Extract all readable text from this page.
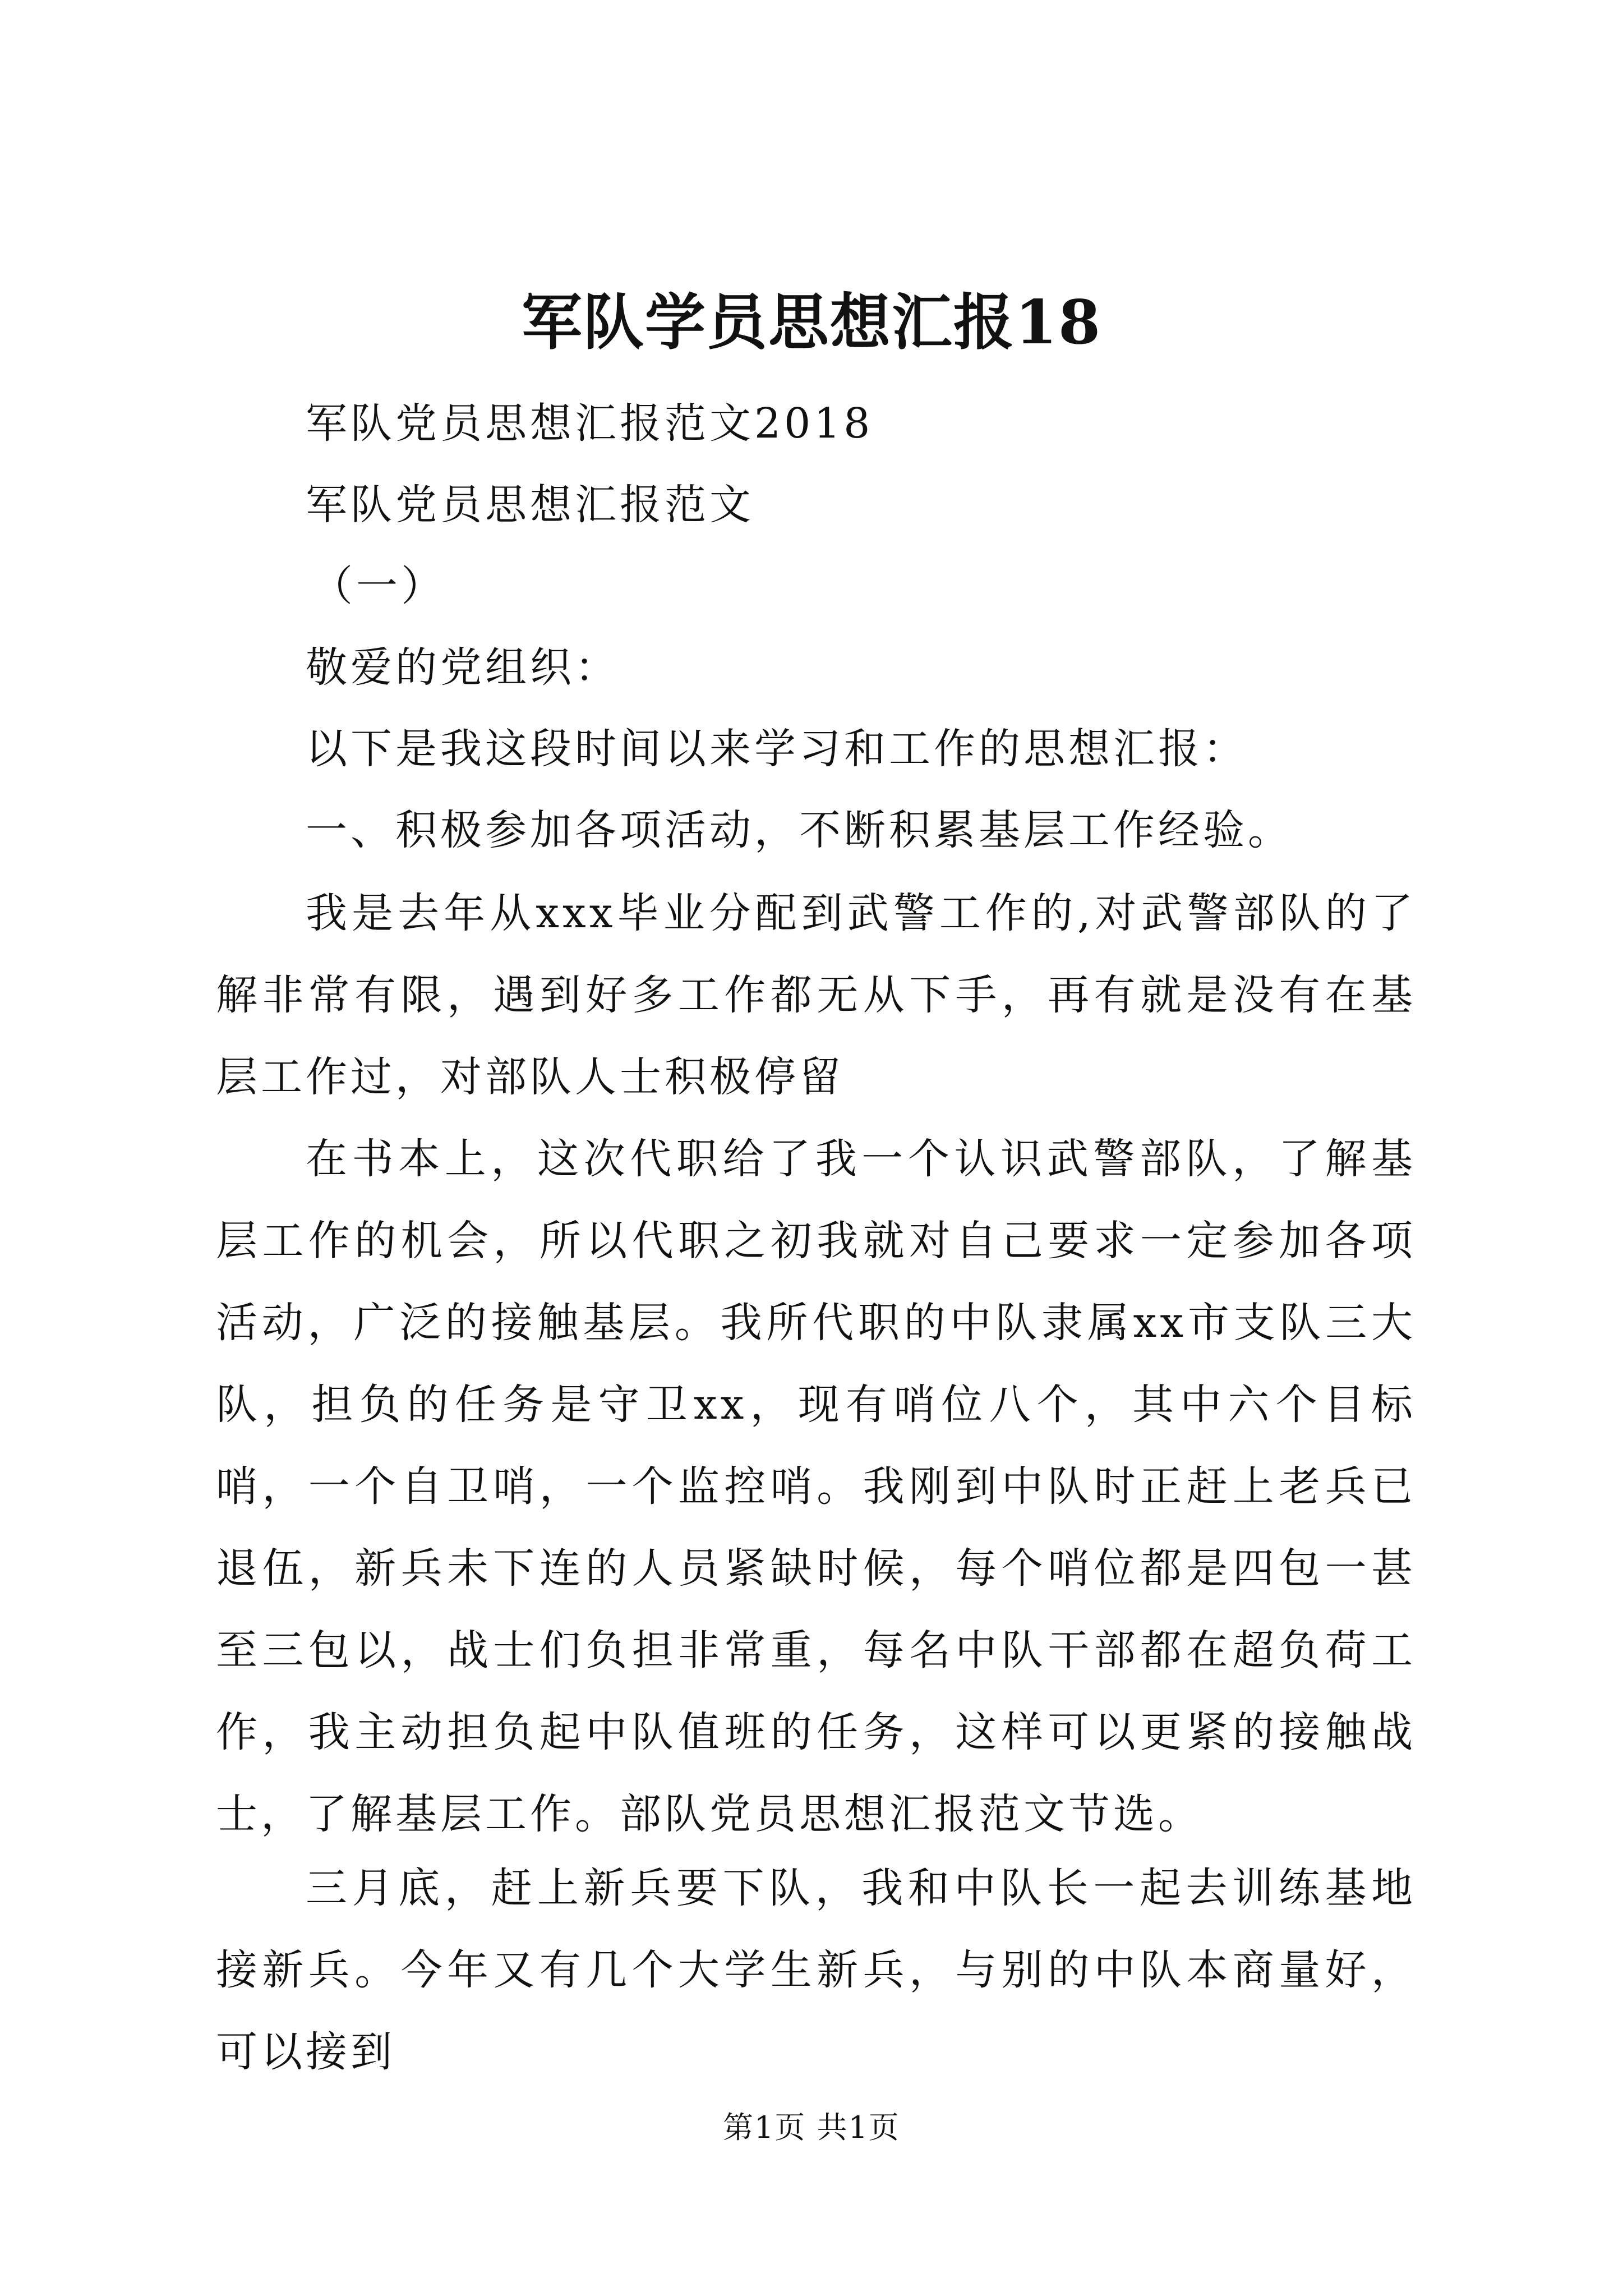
军队学员思想汇报18
军队党员思想汇报范文2018
军队党员思想汇报范文
（一）
敬爱的党组织：
以下是我这段时间以来学习和工作的思想汇报：
一、积极参加各项活动，不断积累基层工作经验。
我是去年从xxx毕业分配到武警工作的,对武警部队的了解非常有限，遇到好多工作都无从下手，再有就是没有在基层工作过，对部队人士积极停留
在书本上，这次代职给了我一个认识武警部队，了解基层工作的机会，所以代职之初我就对自己要求一定参加各项活动，广泛的接触基层。我所代职的中队隶属xx市支队三大队，担负的任务是守卫xx，现有哨位八个，其中六个目标哨，一个自卫哨，一个监控哨。我刚到中队时正赶上老兵已退伍，新兵未下连的人员紧缺时候，每个哨位都是四包一甚至三包以，战士们负担非常重，每名中队干部都在超负荷工作，我主动担负起中队值班的任务，这样可以更紧的接触战士，了解基层工作。部队党员思想汇报范文节选。
三月底，赶上新兵要下队，我和中队长一起去训练基地接新兵。今年又有几个大学生新兵，与别的中队本商量好，可以接到
第1页 共1页
